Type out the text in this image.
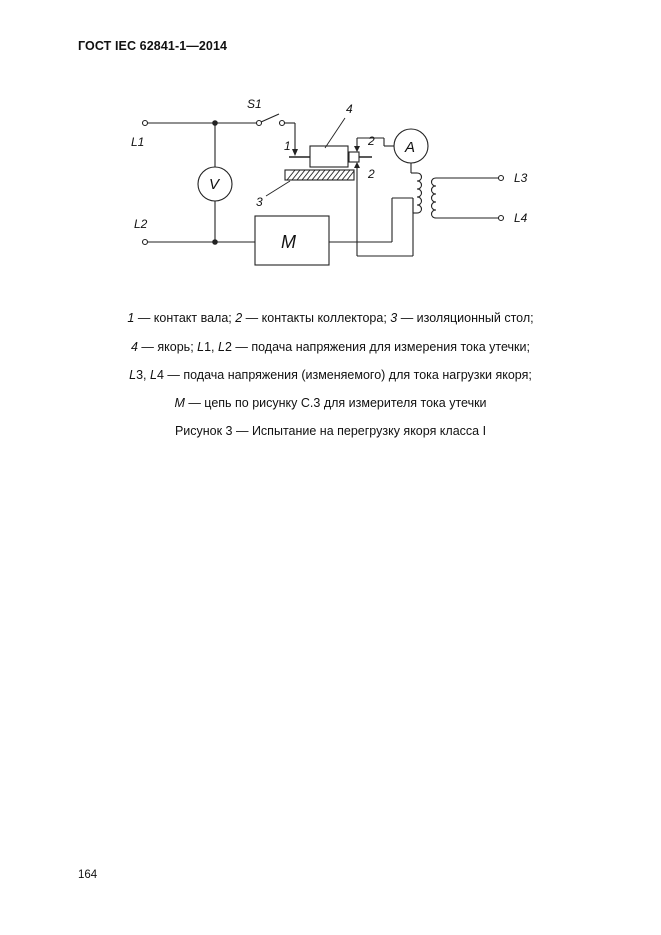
ГОСТ IEC 62841-1—2014
L1
L2
L3
L4
S1
V
A
M
1	2
2
3
4
1 — контакт вала; 2 — контакты коллектора; 3 — изоляционный стол;
4 — якорь; L1, L2 — подача напряжения для измерения тока утечки;
L3, L4 — подача напряжения (изменяемого) для тока нагрузки якоря;
M — цепь по рисунку С.3 для измерителя тока утечки
Рисунок 3 — Испытание на перегрузку якоря класса I
164
